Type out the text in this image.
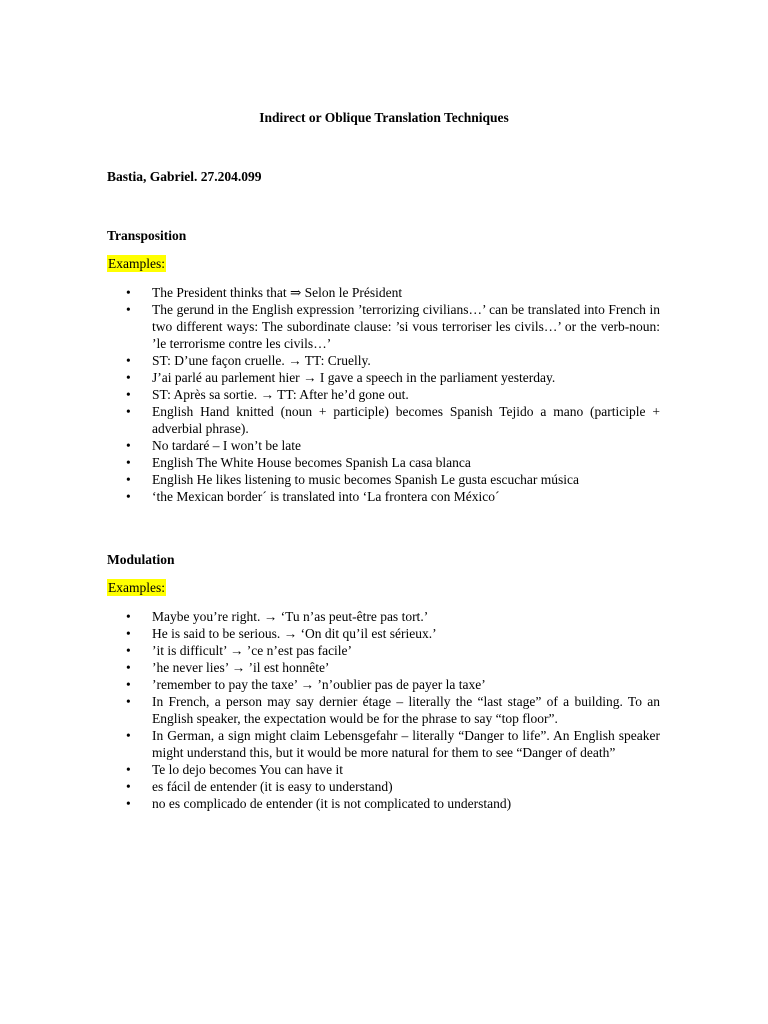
Indirect or Oblique Translation Techniques
Bastia, Gabriel. 27.204.099

Transposition

Examples:
• The President thinks that ⇒ Selon le Président
• The gerund in the English expression ’terrorizing civilians…’ can be translated into French in two different ways: The subordinate clause: ’si vous terroriser les civils…’ or the verb-noun: ’le terrorisme contre les civils…’
• ST: D’une façon cruelle. → TT: Cruelly.
• J’ai parlé au parlement hier → I gave a speech in the parliament yesterday.
• ST: Après sa sortie. → TT: After he’d gone out.
• English Hand knitted (noun + participle) becomes Spanish Tejido a mano (participle + adverbial phrase).
• No tardaré – I won’t be late
• English The White House becomes Spanish La casa blanca
• English He likes listening to music becomes Spanish Le gusta escuchar música
• ‘the Mexican border´ is translated into ‘La frontera con México´

Modulation

Examples:
• Maybe you’re right. → ‘Tu n’as peut-être pas tort.’
• He is said to be serious. → ‘On dit qu’il est sérieux.’
• ’it is difficult’ → ’ce n’est pas facile’
• ’he never lies’ → ’il est honnête’
• ’remember to pay the taxe’ → ’n’oublier pas de payer la taxe’
• In French, a person may say dernier étage – literally the “last stage” of a building. To an English speaker, the expectation would be for the phrase to say “top floor”.
• In German, a sign might claim Lebensgefahr – literally “Danger to life”. An English speaker might understand this, but it would be more natural for them to see “Danger of death”
• Te lo dejo becomes You can have it
• es fácil de entender (it is easy to understand)
• no es complicado de entender (it is not complicated to understand)
